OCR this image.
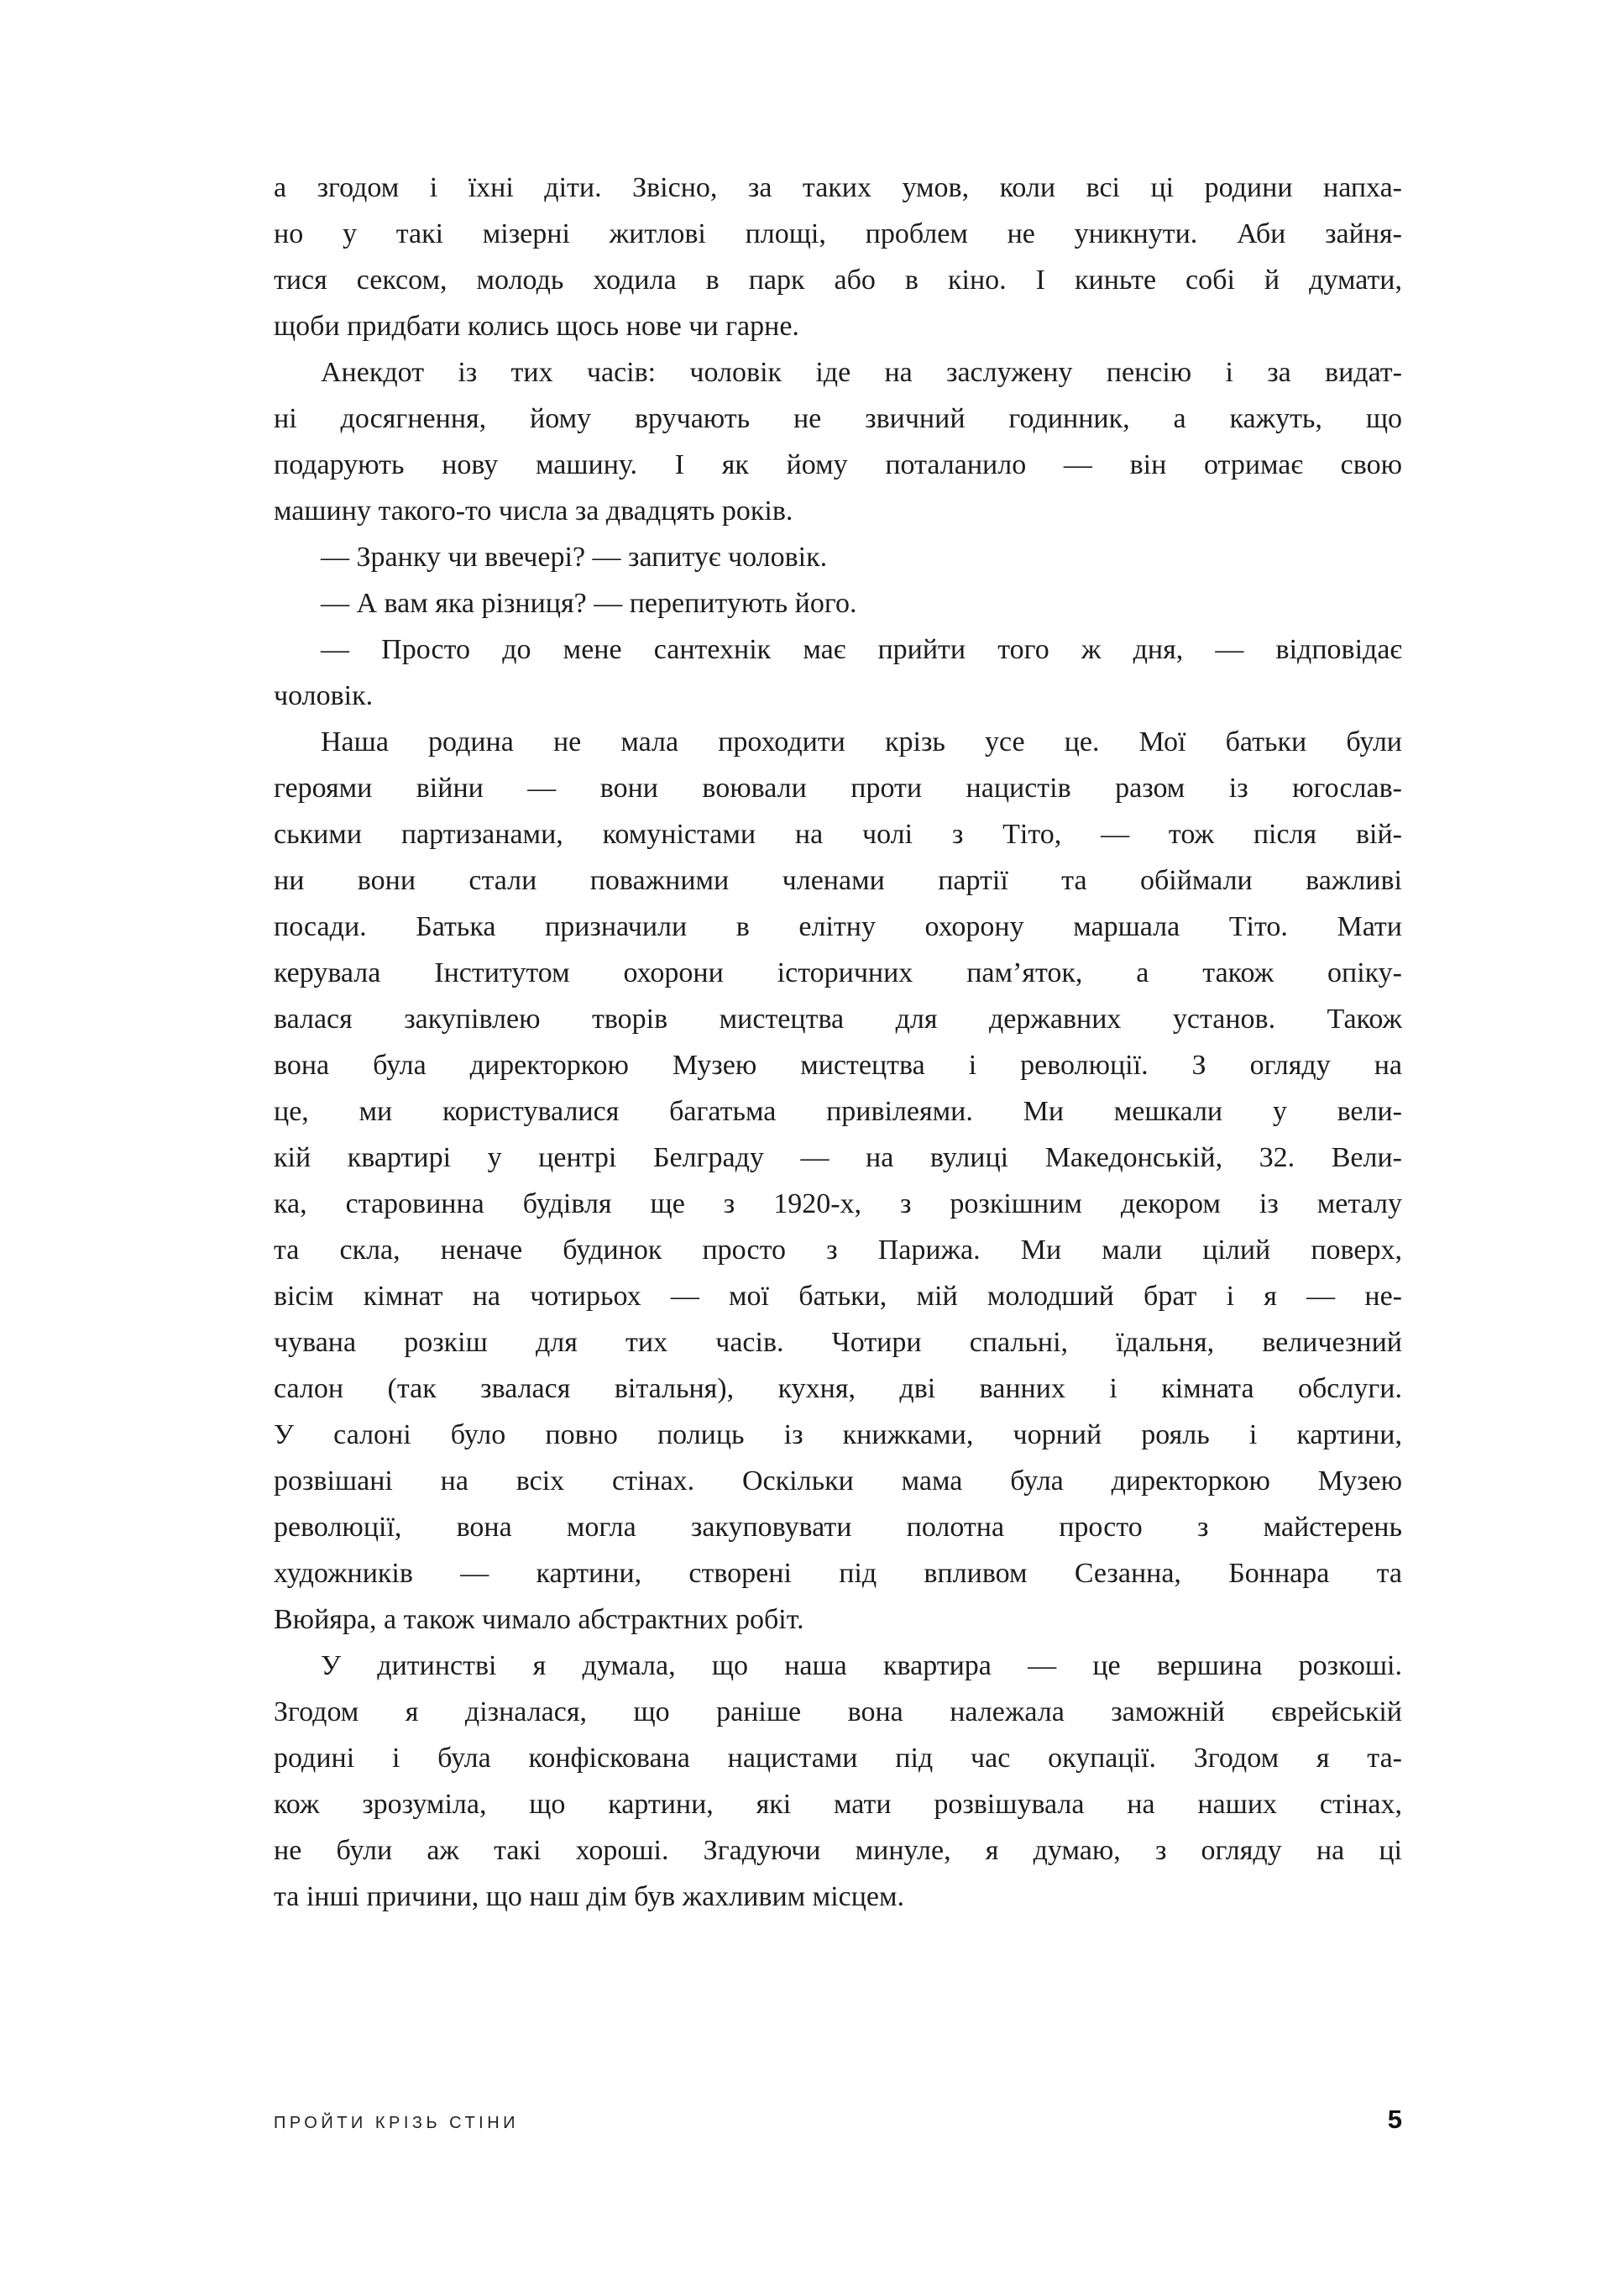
а згодом і їхні діти. Звісно, за таких умов, коли всі ці родини напха-
но у такі мізерні житлові площі, проблем не уникнути. Аби зайня-
тися сексом, молодь ходила в парк або в кіно. І киньте собі й думати,
щоби придбати колись щось нове чи гарне.

Анекдот із тих часів: чоловік іде на заслужену пенсію і за видат-
ні досягнення, йому вручають не звичний годинник, а кажуть, що
подарують нову машину. І як йому поталанило — він отримає свою
машину такого-то числа за двадцять років.

— Зранку чи ввечері? — запитує чоловік.

— А вам яка різниця? — перепитують його.

— Просто до мене сантехнік має прийти того ж дня, — відповідає
чоловік.

Наша родина не мала проходити крізь усе це. Мої батьки були
героями війни — вони воювали проти нацистів разом із югослав-
ськими партизанами, комуністами на чолі з Тіто, — тож після вій-
ни вони стали поважними членами партії та обіймали важливі
посади. Батька призначили в елітну охорону маршала Тіто. Мати
керувала Інститутом охорони історичних пам’яток, а також опіку-
валася закупівлею творів мистецтва для державних установ. Також
вона була директоркою Музею мистецтва і революції. З огляду на
це, ми користувалися багатьма привілеями. Ми мешкали у вели-
кій квартирі у центрі Белграду — на вулиці Македонській, 32. Вели-
ка, старовинна будівля ще з 1920-х, з розкішним декором із металу
та скла, неначе будинок просто з Парижа. Ми мали цілий поверх,
вісім кімнат на чотирьох — мої батьки, мій молодший брат і я — не-
чувана розкіш для тих часів. Чотири спальні, їдальня, величезний
салон (так звалася вітальня), кухня, дві ванних і кімната обслуги.
У салоні було повно полиць із книжками, чорний рояль і картини,
розвішані на всіх стінах. Оскільки мама була директоркою Музею
революції, вона могла закуповувати полотна просто з майстерень
художників — картини, створені під впливом Сезанна, Боннара та
Вюйяра, а також чимало абстрактних робіт.

У дитинстві я думала, що наша квартира — це вершина розкоші.
Згодом я дізналася, що раніше вона належала заможній єврейській
родині і була конфіскована нацистами під час окупації. Згодом я та-
кож зрозуміла, що картини, які мати розвішувала на наших стінах,
не були аж такі хороші. Згадуючи минуле, я думаю, з огляду на ці
та інші причини, що наш дім був жахливим місцем.

ПРОЙТИ КРІЗЬ СТІНИ	5
